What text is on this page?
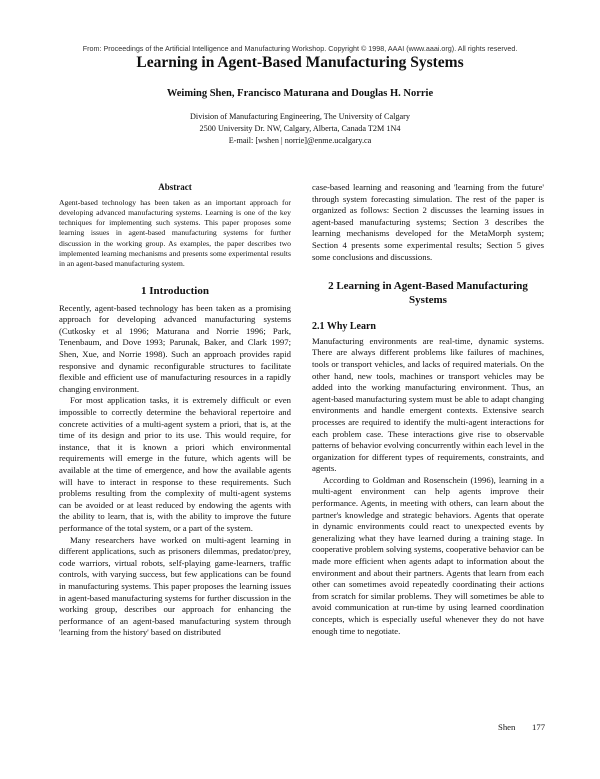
From: Proceedings of the Artificial Intelligence and Manufacturing Workshop. Copyright © 1998, AAAI (www.aaai.org). All rights reserved.
Learning in Agent-Based Manufacturing Systems
Weiming Shen, Francisco Maturana and Douglas H. Norrie
Division of Manufacturing Engineering, The University of Calgary
2500 University Dr. NW, Calgary, Alberta, Canada T2M 1N4
E-mail: [wshen | norrie]@enme.ucalgary.ca
Abstract

Agent-based technology has been taken as an important approach for developing advanced manufacturing systems. Learning is one of the key techniques for implementing such systems. This paper proposes some learning issues in agent-based manufacturing systems for further discussion in the working group. As examples, the paper describes two implemented learning mechanisms and presents some experimental results in an agent-based manufacturing system.

1 Introduction

Recently, agent-based technology has been taken as a promising approach for developing advanced manufacturing systems (Cutkosky et al 1996; Maturana and Norrie 1996; Park, Tenenbaum, and Dove 1993; Parunak, Baker, and Clark 1997; Shen, Xue, and Norrie 1998). Such an approach provides rapid responsive and dynamic reconfigurable structures to facilitate flexible and efficient use of manufacturing resources in a rapidly changing environment.

For most application tasks, it is extremely difficult or even impossible to correctly determine the behavioral repertoire and concrete activities of a multi-agent system a priori, that is, at the time of its design and prior to its use. This would require, for instance, that it is known a priori which environmental requirements will emerge in the future, which agents will be available at the time of emergence, and how the available agents will have to interact in response to these requirements. Such problems resulting from the complexity of multi-agent systems can be avoided or at least reduced by endowing the agents with the ability to learn, that is, with the ability to improve the future performance of the total system, or a part of the system.

Many researchers have worked on multi-agent learning in different applications, such as prisoners dilemmas, predator/prey, code warriors, virtual robots, self-playing game-learners, traffic controls, with varying success, but few applications can be found in manufacturing systems. This paper proposes the learning issues in agent-based manufacturing systems for further discussion in the working group, describes our approach for enhancing the performance of an agent-based manufacturing system through 'learning from the history' based on distributed

case-based learning and reasoning and 'learning from the future' through system forecasting simulation. The rest of the paper is organized as follows: Section 2 discusses the learning issues in agent-based manufacturing systems; Section 3 describes the learning mechanisms developed for the MetaMorph system; Section 4 presents some experimental results; Section 5 gives some conclusions and discussions.

2 Learning in Agent-Based Manufacturing Systems
2.1 Why Learn

Manufacturing environments are real-time, dynamic systems. There are always different problems like failures of machines, tools or transport vehicles, and lacks of required materials. On the other hand, new tools, machines or transport vehicles may be added into the working manufacturing environment. Thus, an agent-based manufacturing system must be able to adapt changing environments and handle emergent contexts. Extensive search processes are required to identify the multi-agent interactions for each problem case. These interactions give rise to observable patterns of behavior evolving concurrently within each level in the organization for different types of requirements, constraints, and agents.

According to Goldman and Rosenschein (1996), learning in a multi-agent environment can help agents improve their performance. Agents, in meeting with others, can learn about the partner's knowledge and strategic behaviors. Agents that operate in dynamic environments could react to unexpected events by generalizing what they have learned during a training stage. In cooperative problem solving systems, cooperative behavior can be made more efficient when agents adapt to information about the environment and about their partners. Agents that learn from each other can sometimes avoid repeatedly coordinating their actions from scratch for similar problems. They will sometimes be able to avoid communication at run-time by using learned coordination concepts, which is especially useful whenever they do not have enough time to negotiate.

Shen 177
